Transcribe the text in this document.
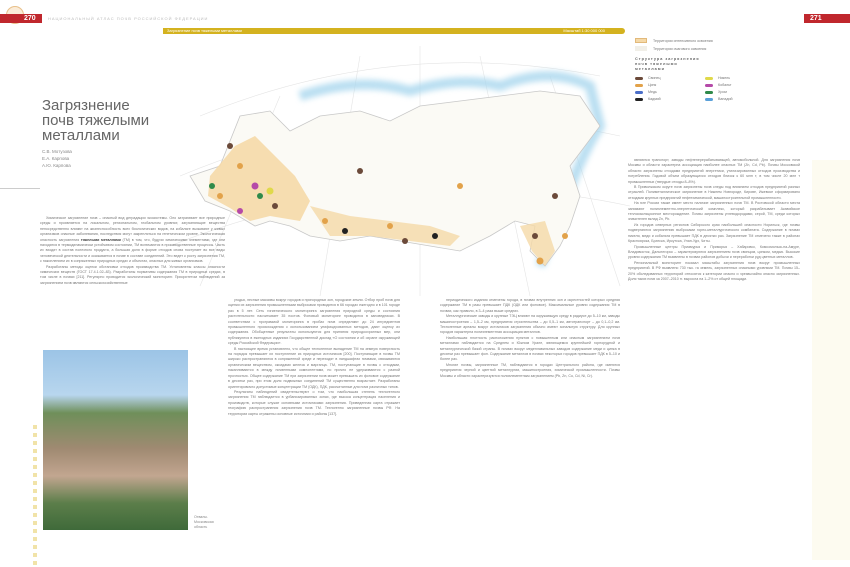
270	НАЦИОНАЛЬНЫЙ АТЛАС ПОЧВ РОССИЙСКОЙ ФЕДЕРАЦИИ	271
Загрязнение почв тяжелыми металлами	Масштаб 1:30 000 000
Загрязнение почв тяжелыми металлами
С.В. Мотузова
Е.А. Карпова
А.Ю. Карпова
Территории интенсивного освоения
Территории очагового освоения
Структура загрязнения почв тяжелыми металлами
Свинец	Никель
Цинк	Кобальт
Медь	Хром
Кадмий	Ванадий

Химическое загрязнение почв – опасный вид деградации экосистемы. Оно затрагивает все природные среды и проявляется на локальном, региональном, глобальном уровнях; загрязняющие вещества непосредственно влияют на жизнеспособность всех биологических видов, на кобальте вызывают у живых организмов опасные заболевания, последствия могут закрепляться на генетическом уровне. Экологическая опасность загрязнения тяжелыми металлами (ТМ) в том, что, будучи химическими элементами, где они находятся в термодинамически устойчивом состоянии, ТМ включаются в производственные процессы. Часть их входит в состав полезного продукта, а большая доля в форме отходов снова поступает во все виды человеческой деятельности и оказывается в почве в составе соединений. Это ведет к росту загрязнения ТМ, с накоплением их в сопряженных природных средах и объектах, опасных для живых организмов.

Разработаны методы оценки обстановки отходов производства ТМ. Установлены классы опасности химических веществ (ГОСТ 17.4.1.02–83). Разработаны нормативы содержания ТМ в природных средах, в том числе в почвах [211]. Регулярно проводится экологический мониторинг. Приоритетом наблюдений за загрязнением почв являются сельскохозяйственные

угодья, лесные массивы вокруг городов и пригородных зон, городские земли. Отбор проб почв для оценки их загрязнения промышленными выбросами проводится в 66 городах ежегодно и в 101 городе раз в 5 лет. Сеть гигиенического мониторинга загрязнения природной среды и состояния растительности насчитывает 35 постов. Фоновый мониторинг проводится в заповедниках. В соответствии с программой мониторинга в пробах почв определяют до 24 ингредиентов промышленного происхождения с использованием унифицированных методов, дают оценку их содержания. Обобщенные результаты используются для принятия природоохранных мер, они публикуются в ежегодных изданиях Государственной доклад «О состоянии и об охране окружающей среды Российской Федерации».

В настоящее время установлено, что общее техногенное выпадение ТМ на земную поверхность на порядок превышает их поступление из природных источников [200]. Поступающие в почвы ТМ широко распространяются в сопряженной среде и переходят в ландшафтах почвами, связываются органическим веществом, оксидами железа и марганца. ТМ, поступающие в почвы с отходами, накапливаются в между почвенными компонентами, но прочно не удерживаются с разной прочностью. Общее содержание ТМ при загрязнении почв может превышать их фоновое содержание в десятки раз, при этом доля подвижных соединений ТМ существенно возрастает. Разработаны ориентировочно допустимые концентрации ТМ (ОДК), ПДК, рассчитанные для почв различных типов.

Результаты наблюдений свидетельствуют о том, что наибольшая степень техногенного загрязнения ТМ наблюдается в урбанизированных зонах, где высока концентрация населения и производств, которые служат основными источниками загрязнения. Приведенная карта отражает географию распространения загрязнения почв ТМ. Техногенно загрязненные почвы РФ. На территории карты отражены основные источники и районы [137].

периодического издания отмечены города, в почвах внутренних зон и окрестностей которых средняя содержание ТМ в разы превышает ПДК (ОДК или фоновое). Максимальные уровни содержания ТМ в почвах, как правило, в 3–4 раза выше средних.

Металлургические заводы и крупные ТЭЦ влияют на окружающую среду в радиусе до 5–10 км, заводы машиностроения – 1,5–2 км, предприятия строительства – до 0,5–1 км, автотранспорт – до 0,1–0,2 км. Техногенные ареалы вокруг источников загрязнения обычно имеют зональную структуру. Для крупных городов характерна полиэлементная ассоциация металлов.

Наибольшая плотность расположения пунктов с повышенным или опасным загрязнением почв металлами наблюдается на Среднем и Южном Урале, являющемся крупнейшей горнорудной и металлургической базой страны. В почвах вокруг медеплавильных заводов содержание меди и цинка в десятки раз превышает фон. Содержание металлов в почвах некоторых городов превышает ПДК в 5–10 и более раз.

Многие почвы, загрязненные ТМ, наблюдаются в городах Центрального района, где имеются предприятия черной и цветной металлургии, машиностроения, химической промышленности. Почвы Москвы и области характеризуются полиэлементным загрязнением (Pb, Zn, Cu, Cd, Ni, Cr).

являются транспорт, заводы нефтеперерабатывающей, автомобильной. Для загрязнения почв Москвы и области характерна ассоциация наиболее опасных ТМ (Zn, Cd, Pb). Почвы Московской области загрязнены отходами предприятий энергетики, утилизированных отходов производства и потребления. Годовой объем образующихся отходов близок к 60 млн т, в том числе 20 млн т промышленных (твердые отходы 8–8%).

В Приволжском округе почв загрязнены почв следы под влиянием отходов предприятий разных отраслей. Полиметаллическое загрязнение в Нижнем Новгороде, Кирове, Ижевске сформировано отходами крупных предприятий нефтехимической, машиностроительной промышленности.

На юге России также имеет место наличие загрязненных почв ТМ. В Ростовской области места занимают полиэлементно-энергетический комплекс, который разрабатывает Акавийское теплоизоляционное месторождение. Почвы загрязнены углеводородами, серой, ТМ, среди которых значителен вклад Zn, Pb.

Из городов северных регионов Сибирского края наибольшей опасности Норильск, где почвы подвергаются загрязнению выбросами горно-металлургического комбината. Содержание в почвах никеля, меди и кобальта превышает ПДК в десятки раз. Загрязнение ТМ отмечено также в районах Красноярска, Братска, Иркутска, Улан-Удэ, Читы.

Промышленные центры Приамурья и Приморья – Хабаровск, Комсомольск-на-Амуре, Владивосток, Дальнегорск – характеризуются загрязнением почв свинцом, цинком, медью. Высокие уровни содержания ТМ выявлены в почвах районов добычи и переработки руд цветных металлов.

Региональный мониторинг показал масштабы загрязнения почв вокруг промышленных предприятий. В РФ выявлено 730 тыс. га земель, загрязненных опасными уровнями ТМ. Почвы 15–20% обследованных территорий относятся к категории опасно и чрезвычайно опасно загрязненных. Доля таких почв за 2007–2010 гг. выросла на 1–2% от общей площади.

Отвалы. Московская область
